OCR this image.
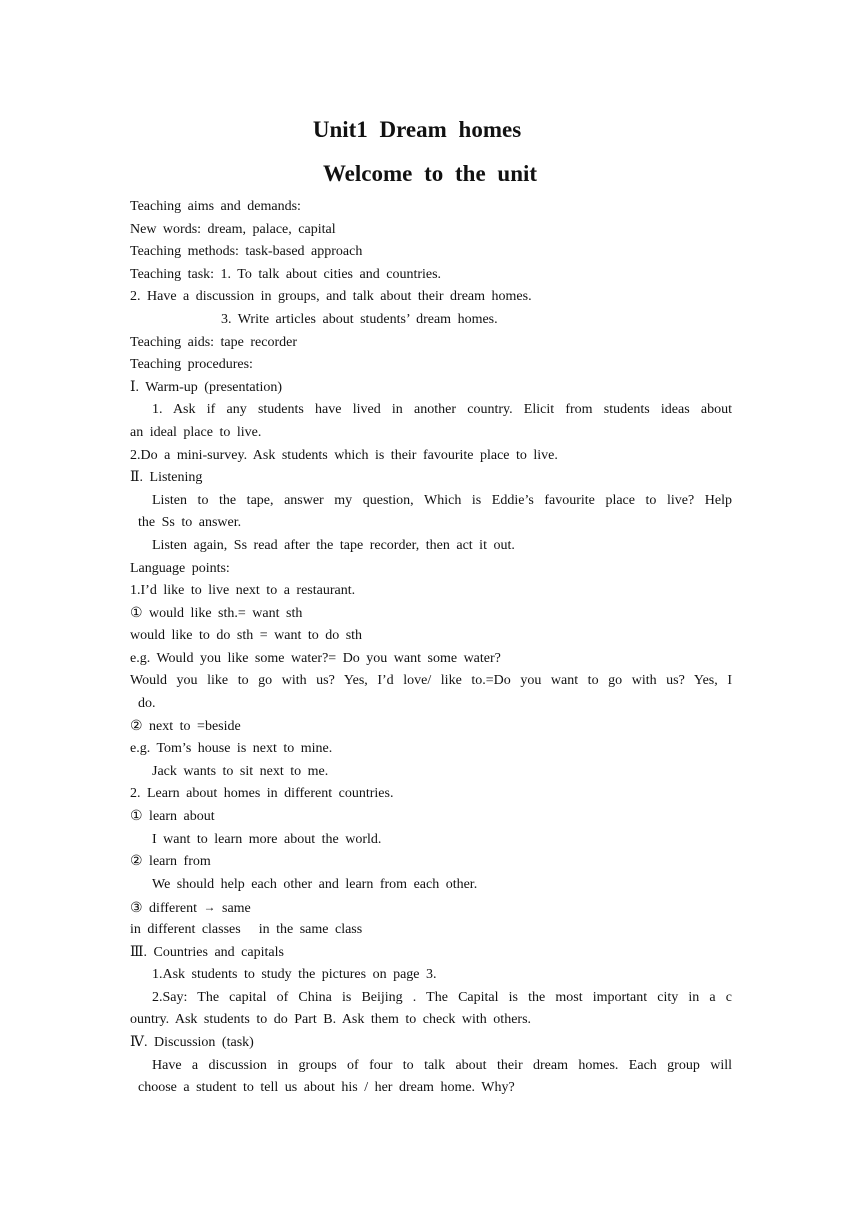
Unit1 Dream homes
Welcome to the unit
Teaching aims and demands:
New words: dream, palace, capital
Teaching methods: task-based approach
Teaching task: 1. To talk about cities and countries.
2. Have a discussion in groups, and talk about their dream homes.
3. Write articles about students’ dream homes.
Teaching aids: tape recorder
Teaching procedures:
Ⅰ. Warm-up (presentation)
1. Ask if any students have lived in another country. Elicit from students ideas about
an ideal place to live.
2.Do a mini-survey. Ask students which is their favourite place to live.
Ⅱ. Listening
Listen to the tape, answer my question, Which is Eddie’s favourite place to live? Help
the Ss to answer.
Listen again, Ss read after the tape recorder, then act it out.
Language points:
1.I’d like to live next to a restaurant.
① would like sth.= want sth
would like to do sth = want to do sth
e.g. Would you like some water?= Do you want some water?
Would you like to go with us? Yes, I’d love/ like to.=Do you want to go with us? Yes, I
do.
② next to =beside
e.g. Tom’s house is next to mine.
Jack wants to sit next to me.
2. Learn about homes in different countries.
① learn about
I want to learn more about the world.
② learn from
We should help each other and learn from each other.
③ different → same
in different classes in the same class
Ⅲ. Countries and capitals
1.Ask students to study the pictures on page 3.
2.Say: The capital of China is Beijing . The Capital is the most important city in a c
ountry. Ask students to do Part B. Ask them to check with others.
Ⅳ. Discussion (task)
Have a discussion in groups of four to talk about their dream homes. Each group will
choose a student to tell us about his / her dream home. Why?
